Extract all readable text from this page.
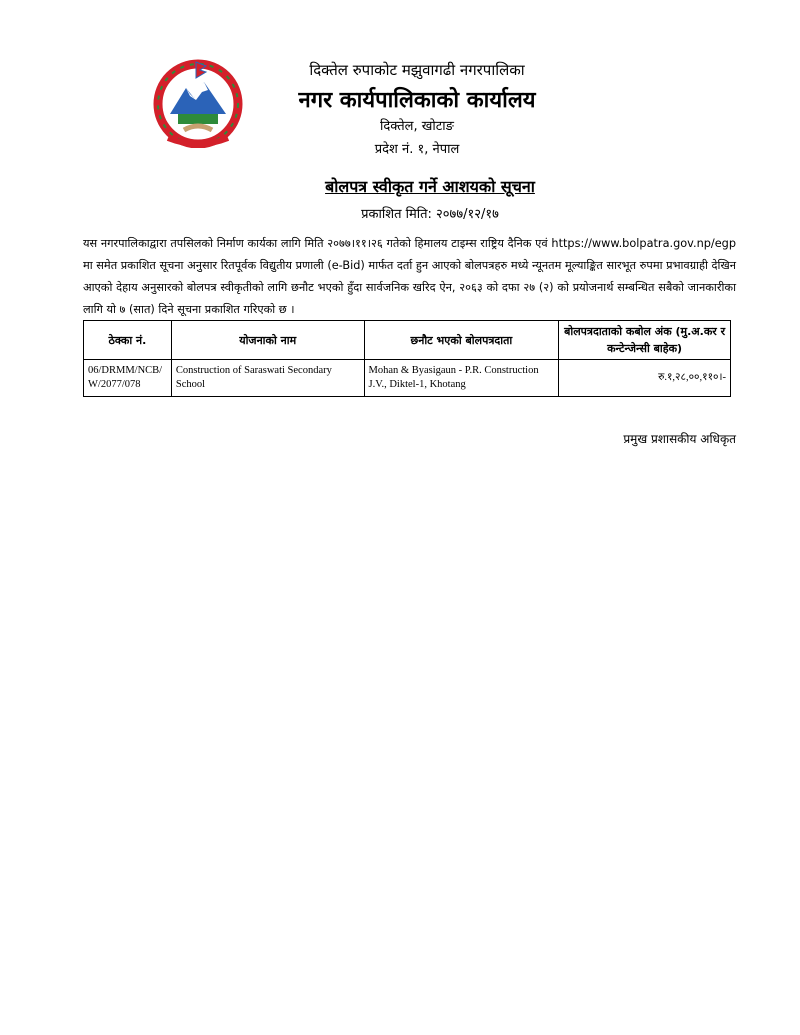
दिक्तेल रुपाकोट मझुवागढी नगरपालिका
नगर कार्यपालिकाको कार्यालय
दिक्तेल, खोटाङ
प्रदेश नं. १, नेपाल
बोलपत्र स्वीकृत गर्ने आशयको सूचना
प्रकाशित मिति: २०७७/१२/१७
यस नगरपालिकाद्वारा तपसिलको निर्माण कार्यका लागि मिति २०७७।११।२६ गतेको हिमालय टाइम्स राष्ट्रिय दैनिक एवं https://www.bolpatra.gov.np/egp मा समेत प्रकाशित सूचना अनुसार रितपूर्वक विद्युतीय प्रणाली (e-Bid) मार्फत दर्ता हुन आएको बोलपत्रहरु मध्ये न्यूनतम मूल्याङ्कित सारभूत रुपमा प्रभावग्राही देखिन आएको देहाय अनुसारको बोलपत्र स्वीकृतीको लागि छनौट भएको हुँदा सार्वजनिक खरिद ऐन, २०६३ को दफा २७ (२) को प्रयोजनार्थ सम्बन्धित सबैको जानकारीका लागि यो ७ (सात) दिने सूचना प्रकाशित गरिएको छ ।
ठेक्का नं.	योजनाको नाम	छनौट भएको बोलपत्रदाता	बोलपत्रदाताको कबोल अंक (मु.अ.कर र कन्टेन्जेन्सी बाहेक)
06/DRMM/NCB/W/2077/078	Construction of Saraswati Secondary School	Mohan & Byasigaun - P.R. Construction J.V., Diktel-1, Khotang	रु.१,२८,००,११०।-
प्रमुख प्रशासकीय अधिकृत
